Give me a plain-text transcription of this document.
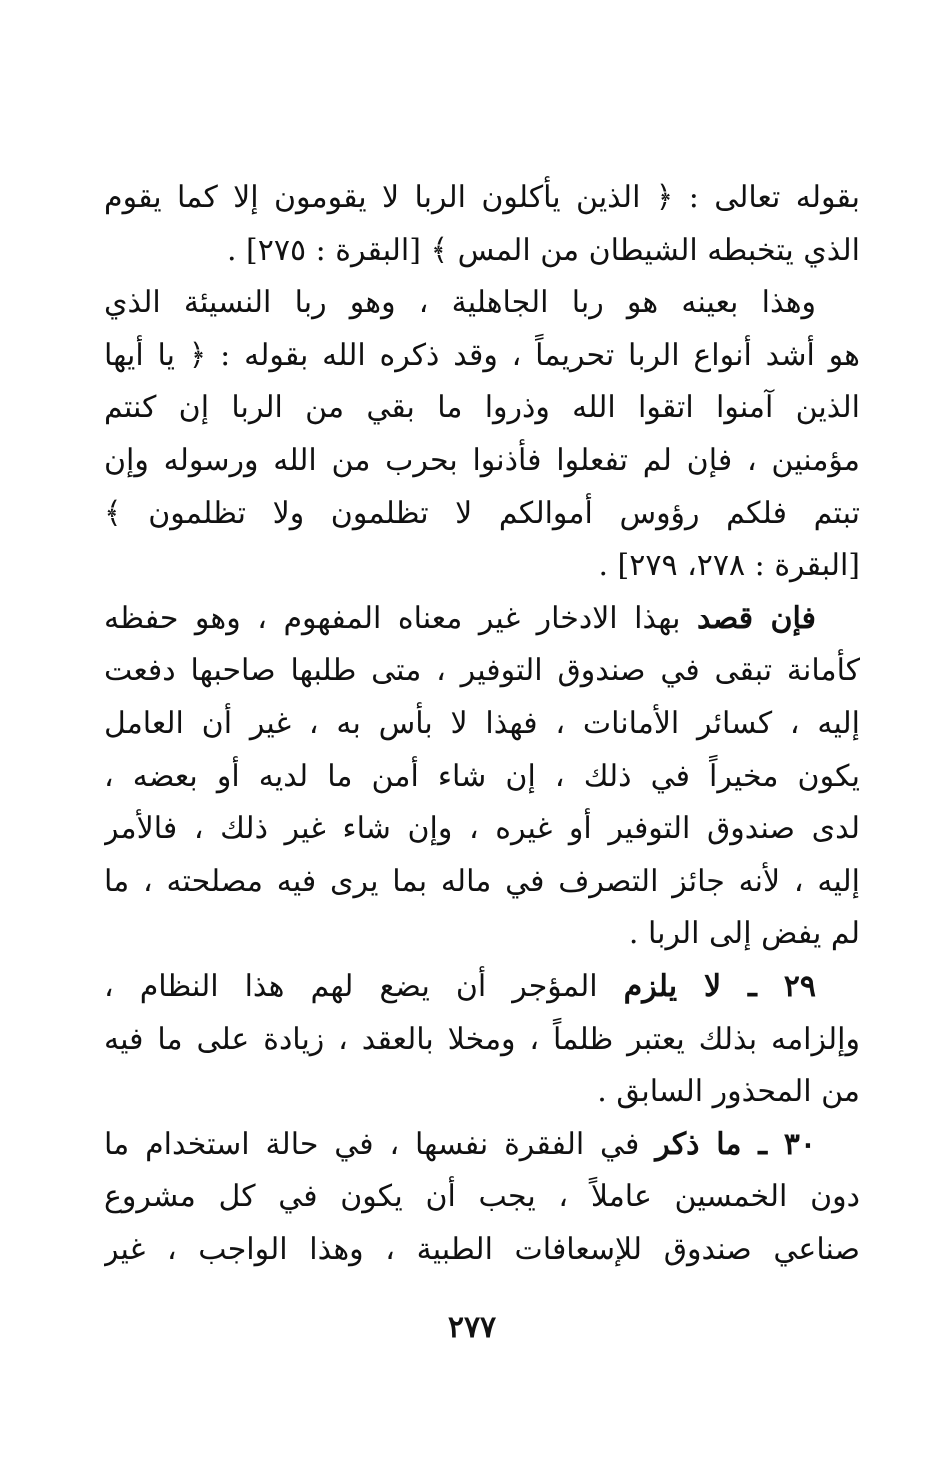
بقوله تعالى : ﴿ الذين يأكلون الربا لا يقومون إلا كما يقوم
الذي يتخبطه الشيطان من المس ﴾ [البقرة : ٢٧٥] .
وهذا بعينه هو ربا الجاهلية ، وهو ربا النسيئة الذي
هو أشد أنواع الربا تحريماً ، وقد ذكره الله بقوله : ﴿ يا أيها
الذين آمنوا اتقوا الله وذروا ما بقي من الربا إن كنتم
مؤمنين ، فإن لم تفعلوا فأذنوا بحرب من الله ورسوله وإن
تبتم فلكم رؤوس أموالكم لا تظلمون ولا تظلمون ﴾
[البقرة : ٢٧٨، ٢٧٩] .
فإن قصد بهذا الادخار غير معناه المفهوم ، وهو حفظه
كأمانة تبقى في صندوق التوفير ، متى طلبها صاحبها دفعت
إليه ، كسائر الأمانات ، فهذا لا بأس به ، غير أن العامل
يكون مخيراً في ذلك ، إن شاء أمن ما لديه أو بعضه ،
لدى صندوق التوفير أو غيره ، وإن شاء غير ذلك ، فالأمر
إليه ، لأنه جائز التصرف في ماله بما يرى فيه مصلحته ، ما
لم يفض إلى الربا .
٢٩ ـ لا يلزم المؤجر أن يضع لهم هذا النظام ،
وإلزامه بذلك يعتبر ظلماً ، ومخلا بالعقد ، زيادة على ما فيه
من المحذور السابق .
٣٠ ـ ما ذكر في الفقرة نفسها ، في حالة استخدام ما
دون الخمسين عاملاً ، يجب أن يكون في كل مشروع
صناعي صندوق للإسعافات الطبية ، وهذا الواجب ، غير
٢٧٧
